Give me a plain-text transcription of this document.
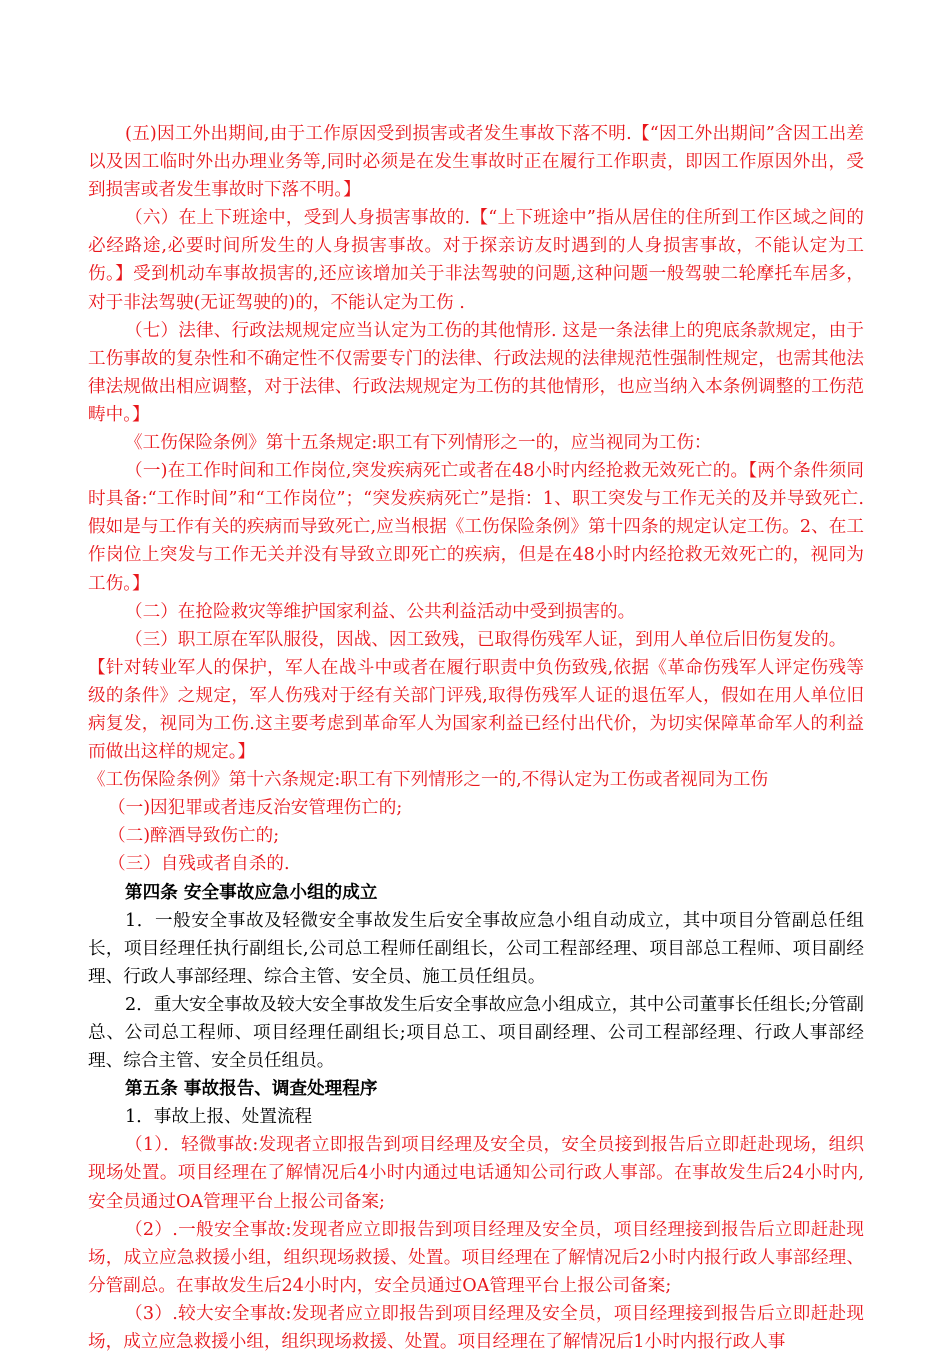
(五)因工外出期间,由于工作原因受到损害或者发生事故下落不明.【“因工外出期间”含因工出差以及因工临时外出办理业务等,同时必须是在发生事故时正在履行工作职责，即因工作原因外出，受到损害或者发生事故时下落不明。】

（六）在上下班途中，受到人身损害事故的.【“上下班途中”指从居住的住所到工作区域之间的必经路途,必要时间所发生的人身损害事故。对于探亲访友时遇到的人身损害事故，不能认定为工伤。】受到机动车事故损害的,还应该增加关于非法驾驶的问题,这种问题一般驾驶二轮摩托车居多，对于非法驾驶(无证驾驶的)的，不能认定为工伤 .

（七）法律、行政法规规定应当认定为工伤的其他情形. 这是一条法律上的兜底条款规定，由于工伤事故的复杂性和不确定性不仅需要专门的法律、行政法规的法律规范性强制性规定，也需其他法律法规做出相应调整，对于法律、行政法规规定为工伤的其他情形，也应当纳入本条例调整的工伤范畴中。】

《工伤保险条例》第十五条规定:职工有下列情形之一的，应当视同为工伤：

（一)在工作时间和工作岗位,突发疾病死亡或者在48小时内经抢救无效死亡的。【两个条件须同时具备:“工作时间”和“工作岗位”；“突发疾病死亡”是指：1、职工突发与工作无关的及并导致死亡.假如是与工作有关的疾病而导致死亡,应当根据《工伤保险条例》第十四条的规定认定工伤。2、在工作岗位上突发与工作无关并没有导致立即死亡的疾病，但是在48小时内经抢救无效死亡的，视同为工伤。】

（二）在抢险救灾等维护国家利益、公共利益活动中受到损害的。

（三）职工原在军队服役，因战、因工致残，已取得伤残军人证，到用人单位后旧伤复发的。

【针对转业军人的保护，军人在战斗中或者在履行职责中负伤致残,依据《革命伤残军人评定伤残等级的条件》之规定，军人伤残对于经有关部门评残,取得伤残军人证的退伍军人，假如在用人单位旧病复发，视同为工伤.这主要考虑到革命军人为国家利益已经付出代价，为切实保障革命军人的利益而做出这样的规定。】

《工伤保险条例》第十六条规定:职工有下列情形之一的,不得认定为工伤或者视同为工伤

（一)因犯罪或者违反治安管理伤亡的;

（二)醉酒导致伤亡的;

（三）自残或者自杀的.

第四条 安全事故应急小组的成立

1．一般安全事故及轻微安全事故发生后安全事故应急小组自动成立，其中项目分管副总任组长，项目经理任执行副组长,公司总工程师任副组长，公司工程部经理、项目部总工程师、项目副经理、行政人事部经理、综合主管、安全员、施工员任组员。

2．重大安全事故及较大安全事故发生后安全事故应急小组成立，其中公司董事长任组长;分管副总、公司总工程师、项目经理任副组长;项目总工、项目副经理、公司工程部经理、行政人事部经理、综合主管、安全员任组员。

第五条 事故报告、调查处理程序

1．事故上报、处置流程

（1）．轻微事故:发现者立即报告到项目经理及安全员，安全员接到报告后立即赶赴现场，组织现场处置。项目经理在了解情况后4小时内通过电话通知公司行政人事部。在事故发生后24小时内,安全员通过OA管理平台上报公司备案;

（2）.一般安全事故:发现者应立即报告到项目经理及安全员，项目经理接到报告后立即赶赴现场，成立应急救援小组，组织现场救援、处置。项目经理在了解情况后2小时内报行政人事部经理、分管副总。在事故发生后24小时内，安全员通过OA管理平台上报公司备案;

（3）.较大安全事故:发现者应立即报告到项目经理及安全员，项目经理接到报告后立即赶赴现场，成立应急救援小组，组织现场救援、处置。项目经理在了解情况后1小时内报行政人事
